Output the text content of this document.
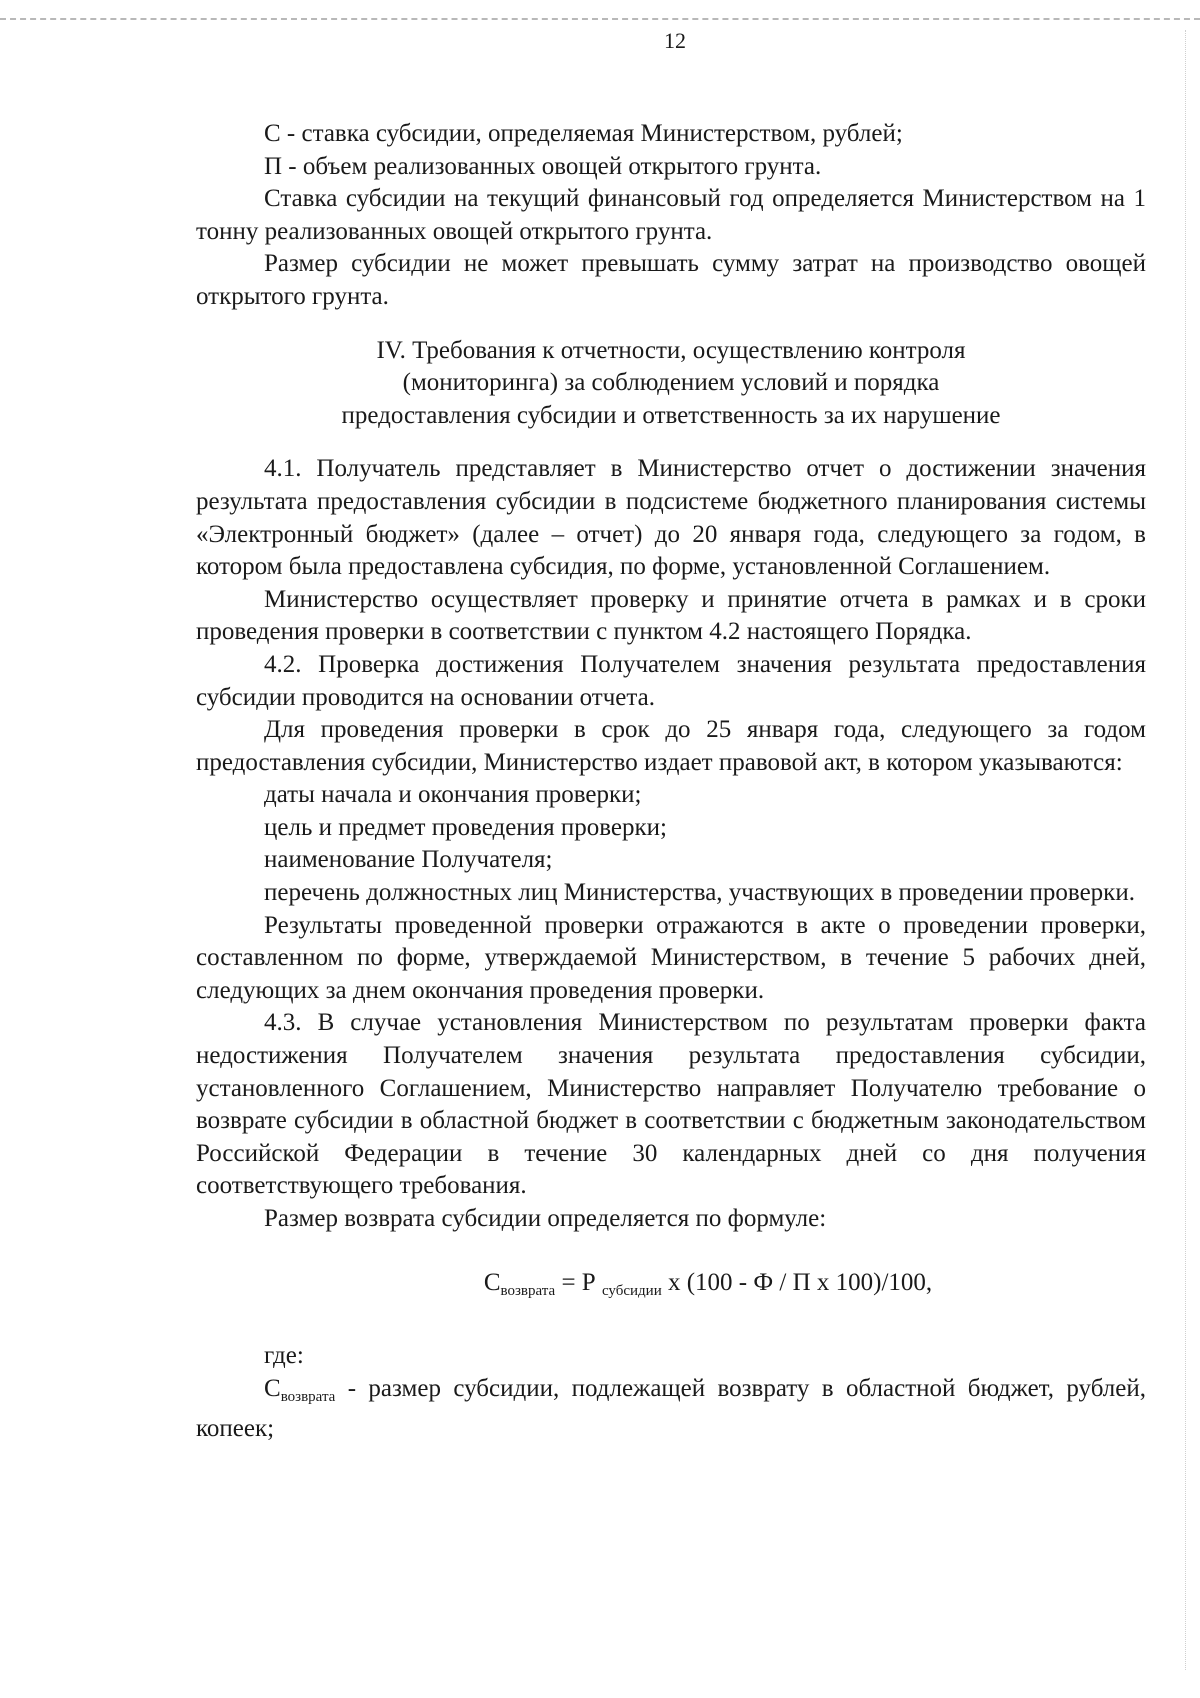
12

С - ставка субсидии, определяемая Министерством, рублей;

П - объем реализованных овощей открытого грунта.

Ставка субсидии на текущий финансовый год определяется Министерством на 1 тонну реализованных овощей открытого грунта.

Размер субсидии не может превышать сумму затрат на производство овощей открытого грунта.

IV. Требования к отчетности, осуществлению контроля
(мониторинга) за соблюдением условий и порядка
предоставления субсидии и ответственность за их нарушение

4.1. Получатель представляет в Министерство отчет о достижении значения результата предоставления субсидии в подсистеме бюджетного планирования системы «Электронный бюджет» (далее – отчет) до 20 января года, следующего за годом, в котором была предоставлена субсидия, по форме, установленной Соглашением.

Министерство осуществляет проверку и принятие отчета в рамках и в сроки проведения проверки в соответствии с пунктом 4.2 настоящего Порядка.

4.2. Проверка достижения Получателем значения результата предоставления субсидии проводится на основании отчета.

Для проведения проверки в срок до 25 января года, следующего за годом предоставления субсидии, Министерство издает правовой акт, в котором указываются:

даты начала и окончания проверки;

цель и предмет проведения проверки;

наименование Получателя;

перечень должностных лиц Министерства, участвующих в проведении проверки.

Результаты проведенной проверки отражаются в акте о проведении проверки, составленном по форме, утверждаемой Министерством, в течение 5 рабочих дней, следующих за днем окончания проведения проверки.

4.3. В случае установления Министерством по результатам проверки факта недостижения Получателем значения результата предоставления субсидии, установленного Соглашением, Министерство направляет Получателю требование о возврате субсидии в областной бюджет в соответствии с бюджетным законодательством Российской Федерации в течение 30 календарных дней со дня получения соответствующего требования.

Размер возврата субсидии определяется по формуле:

$С_{возврата} = Р$ $_{субсидии}$ х (100 - Ф / П х 100)/100,

где:

$С_{возврата}$ - размер субсидии, подлежащей возврату в областной бюджет, рублей, копеек;
